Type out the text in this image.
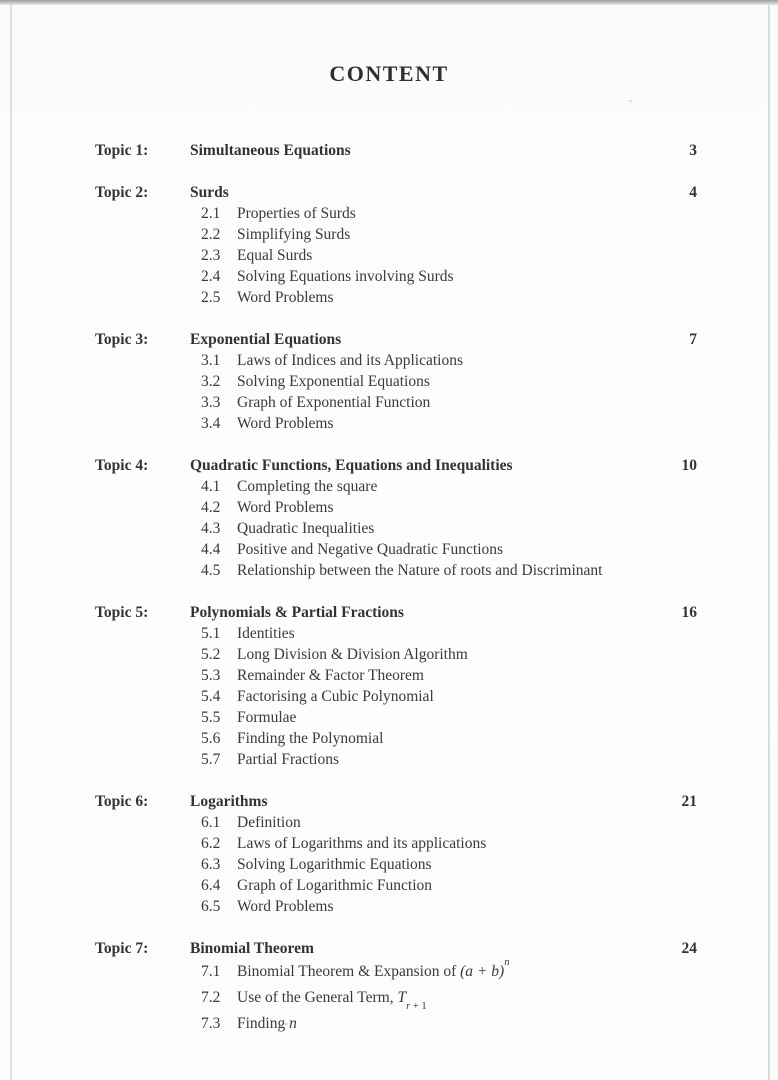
CONTENT
Topic 1:	Simultaneous Equations	3
Topic 2:	Surds	4
2.1	Properties of Surds
2.2	Simplifying Surds
2.3	Equal Surds
2.4	Solving Equations involving Surds
2.5	Word Problems
Topic 3:	Exponential Equations	7
3.1	Laws of Indices and its Applications
3.2	Solving Exponential Equations
3.3	Graph of Exponential Function
3.4	Word Problems
Topic 4:	Quadratic Functions, Equations and Inequalities	10
4.1	Completing the square
4.2	Word Problems
4.3	Quadratic Inequalities
4.4	Positive and Negative Quadratic Functions
4.5	Relationship between the Nature of roots and Discriminant
Topic 5:	Polynomials & Partial Fractions	16
5.1	Identities
5.2	Long Division & Division Algorithm
5.3	Remainder & Factor Theorem
5.4	Factorising a Cubic Polynomial
5.5	Formulae
5.6	Finding the Polynomial
5.7	Partial Fractions
Topic 6:	Logarithms	21
6.1	Definition
6.2	Laws of Logarithms and its applications
6.3	Solving Logarithmic Equations
6.4	Graph of Logarithmic Function
6.5	Word Problems
Topic 7:	Binomial Theorem	24
7.1	Binomial Theorem & Expansion of $(a + b)^n$
7.2	Use of the General Term, $T_r$ $_{+ 1}$
7.3	Finding n
